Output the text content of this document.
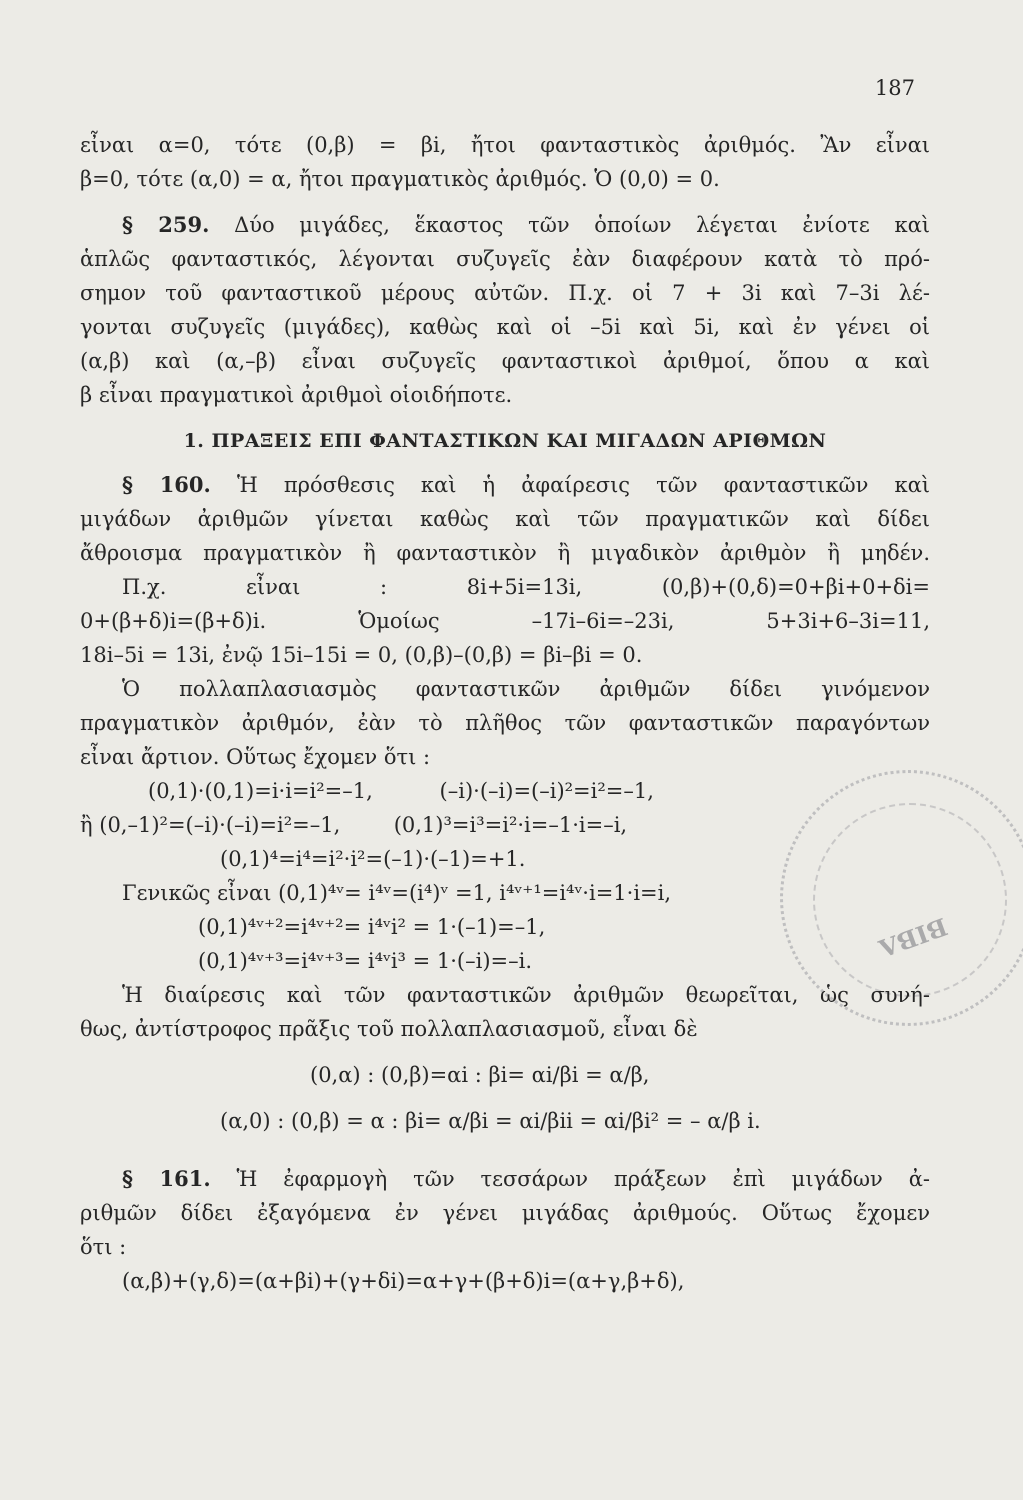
187
ΒΙΒΛ
εἶναι α=0, τότε (0,β) = βi, ἤτοι φανταστικὸς ἀριθμός. Ἂν εἶναι
β=0, τότε (α,0) = α, ἤτοι πραγματικὸς ἀριθμός. Ὁ (0,0) = 0.
§ 259. Δύο μιγάδες, ἕκαστος τῶν ὁποίων λέγεται ἐνίοτε καὶ
ἁπλῶς φανταστικός, λέγονται συζυγεῖς ἐὰν διαφέρουν κατὰ τὸ πρό-
σημον τοῦ φανταστικοῦ μέρους αὐτῶν. Π.χ. οἱ 7 + 3i καὶ 7–3i λέ-
γονται συζυγεῖς (μιγάδες), καθὼς καὶ οἱ –5i καὶ 5i, καὶ ἐν γένει οἱ
(α,β) καὶ (α,–β) εἶναι συζυγεῖς φανταστικοὶ ἀριθμοί, ὅπου α καὶ
β εἶναι πραγματικοὶ ἀριθμοὶ οἱοιδήποτε.
1. ΠΡΑΞΕΙΣ ΕΠΙ ΦΑΝΤΑΣΤΙΚΩΝ ΚΑΙ ΜΙΓΑΔΩΝ ΑΡΙΘΜΩΝ
§ 160. Ἡ πρόσθεσις καὶ ἡ ἀφαίρεσις τῶν φανταστικῶν καὶ
μιγάδων ἀριθμῶν γίνεται καθὼς καὶ τῶν πραγματικῶν καὶ δίδει
ἄθροισμα πραγματικὸν ἢ φανταστικὸν ἢ μιγαδικὸν ἀριθμὸν ἢ μηδέν.
Π.χ. εἶναι : 8i+5i=13i, (0,β)+(0,δ)=0+βi+0+δi=
0+(β+δ)i=(β+δ)i. Ὁμοίως –17i–6i=–23i, 5+3i+6–3i=11,
18i–5i = 13i, ἐνῷ 15i–15i = 0, (0,β)–(0,β) = βi–βi = 0.
Ὁ πολλαπλασιασμὸς φανταστικῶν ἀριθμῶν δίδει γινόμενον
πραγματικὸν ἀριθμόν, ἐὰν τὸ πλῆθος τῶν φανταστικῶν παραγόντων
εἶναι ἄρτιον. Οὕτως ἔχομεν ὅτι :
(0,1)·(0,1)=i·i=i²=–1,          (–i)·(–i)=(–i)²=i²=–1,
ἢ (0,–1)²=(–i)·(–i)=i²=–1,        (0,1)³=i³=i²·i=–1·i=–i,
(0,1)⁴=i⁴=i²·i²=(–1)·(–1)=+1.
Γενικῶς εἶναι (0,1)⁴ᵛ= i⁴ᵛ=(i⁴)ᵛ =1, i⁴ᵛ⁺¹=i⁴ᵛ·i=1·i=i,
(0,1)⁴ᵛ⁺²=i⁴ᵛ⁺²= i⁴ᵛi² = 1·(–1)=–1,
(0,1)⁴ᵛ⁺³=i⁴ᵛ⁺³= i⁴ᵛi³ = 1·(–i)=–i.
Ἡ διαίρεσις καὶ τῶν φανταστικῶν ἀριθμῶν θεωρεῖται, ὡς συνή-
θως, ἀντίστροφος πρᾶξις τοῦ πολλαπλασιασμοῦ, εἶναι δὲ
(0,α) : (0,β)=αi : βi= αi/βi = α/β,
(α,0) : (0,β) = α : βi= α/βi = αi/βii = αi/βi² = – α/β i.
§ 161. Ἡ ἐφαρμογὴ τῶν τεσσάρων πράξεων ἐπὶ μιγάδων ἀ-
ριθμῶν δίδει ἐξαγόμενα ἐν γένει μιγάδας ἀριθμούς. Οὕτως ἔχομεν
ὅτι :
(α,β)+(γ,δ)=(α+βi)+(γ+δi)=α+γ+(β+δ)i=(α+γ,β+δ),
